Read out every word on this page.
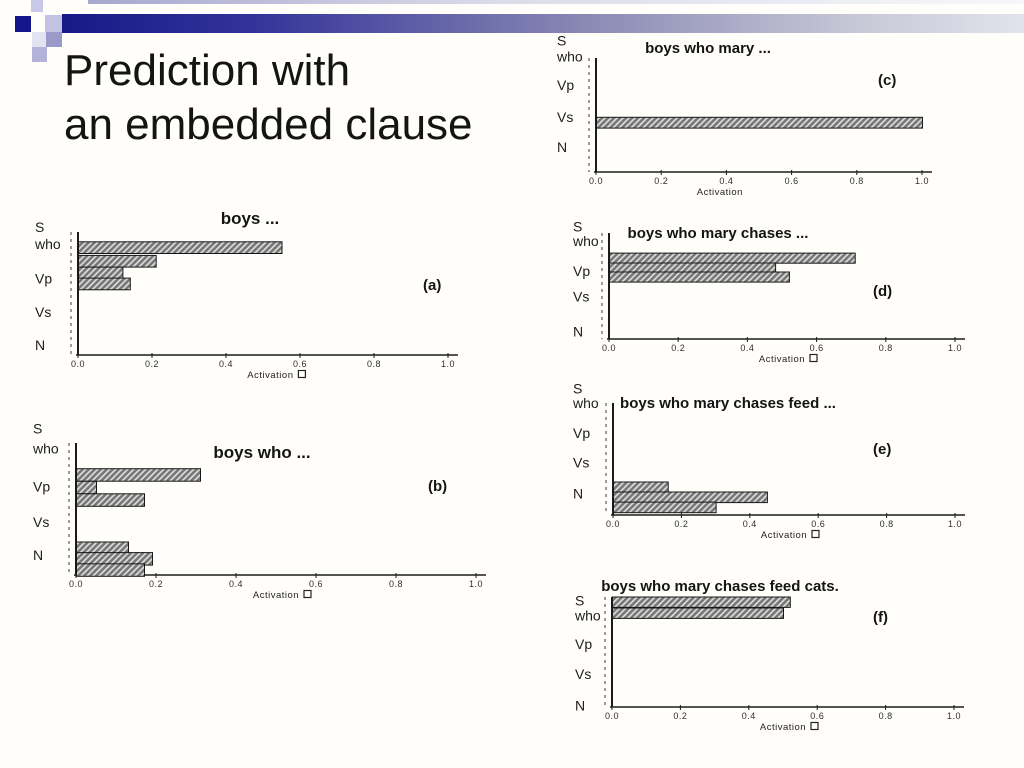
Prediction with
an embedded clause
S
who
Vp
Vs
N
0.0	0.2	0.4	0.6	0.8	1.0
Activation
boys ...
(a)
S
who
Vp
Vs
N
0.0	0.2	0.4	0.6	0.8	1.0
Activation
boys who ...
(b)
S
who
Vp
Vs
N
0.0	0.2	0.4	0.6	0.8	1.0
Activation
boys who mary ...
(c)
S
who
Vp
Vs
N
0.0	0.2	0.4	0.6	0.8	1.0
Activation
boys who mary chases ...
(d)
S
who
Vp
Vs
N
0.0	0.2	0.4	0.6	0.8	1.0
Activation
boys who mary chases feed ...
(e)
S
who
Vp
Vs
N
0.0	0.2	0.4	0.6	0.8	1.0
Activation
boys who mary chases feed cats.
(f)
